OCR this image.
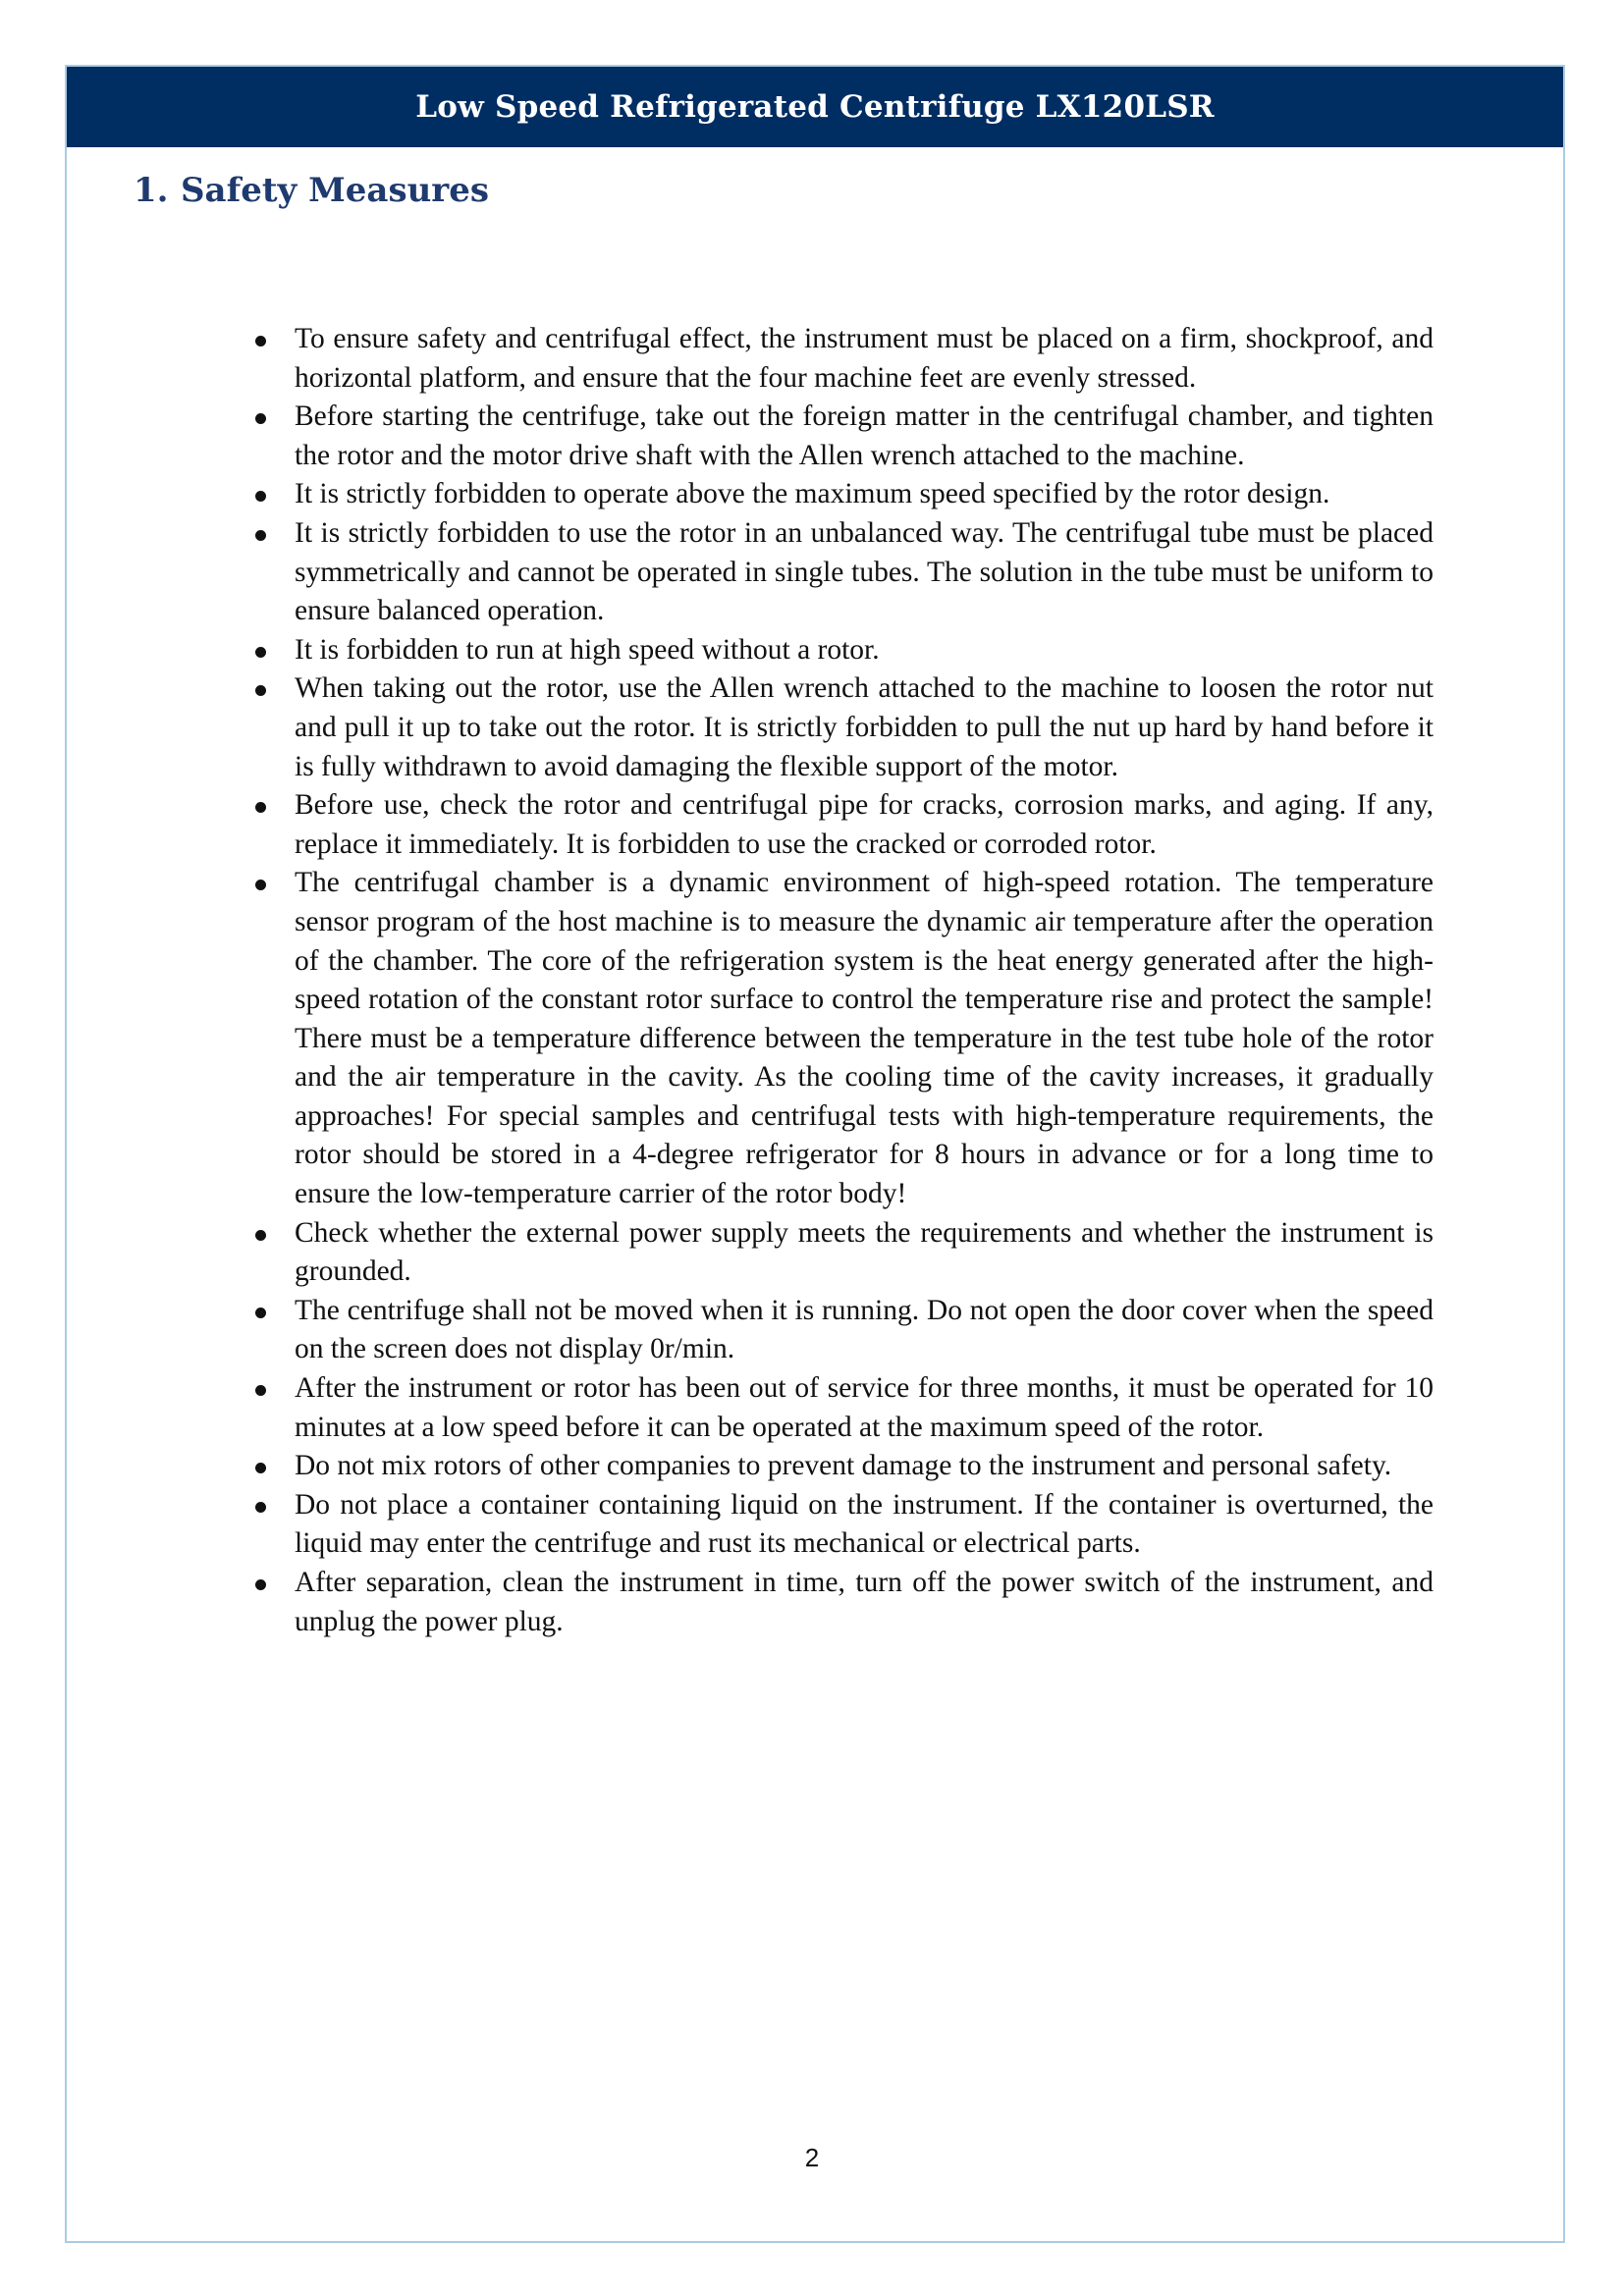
Low Speed Refrigerated Centrifuge LX120LSR
1. Safety Measures
To ensure safety and centrifugal effect, the instrument must be placed on a firm, shockproof, and horizontal platform, and ensure that the four machine feet are evenly stressed.
Before starting the centrifuge, take out the foreign matter in the centrifugal chamber, and tighten the rotor and the motor drive shaft with the Allen wrench attached to the machine.
It is strictly forbidden to operate above the maximum speed specified by the rotor design.
It is strictly forbidden to use the rotor in an unbalanced way. The centrifugal tube must be placed symmetrically and cannot be operated in single tubes. The solution in the tube must be uniform to ensure balanced operation.
It is forbidden to run at high speed without a rotor.
When taking out the rotor, use the Allen wrench attached to the machine to loosen the rotor nut and pull it up to take out the rotor. It is strictly forbidden to pull the nut up hard by hand before it is fully withdrawn to avoid damaging the flexible support of the motor.
Before use, check the rotor and centrifugal pipe for cracks, corrosion marks, and aging. If any, replace it immediately. It is forbidden to use the cracked or corroded rotor.
The centrifugal chamber is a dynamic environment of high-speed rotation. The temperature sensor program of the host machine is to measure the dynamic air temperature after the operation of the chamber. The core of the refrigeration system is the heat energy generated after the high-speed rotation of the constant rotor surface to control the temperature rise and protect the sample! There must be a temperature difference between the temperature in the test tube hole of the rotor and the air temperature in the cavity. As the cooling time of the cavity increases, it gradually approaches! For special samples and centrifugal tests with high-temperature requirements, the rotor should be stored in a 4-degree refrigerator for 8 hours in advance or for a long time to ensure the low-temperature carrier of the rotor body!
Check whether the external power supply meets the requirements and whether the instrument is grounded.
The centrifuge shall not be moved when it is running. Do not open the door cover when the speed on the screen does not display 0r/min.
After the instrument or rotor has been out of service for three months, it must be operated for 10 minutes at a low speed before it can be operated at the maximum speed of the rotor.
Do not mix rotors of other companies to prevent damage to the instrument and personal safety.
Do not place a container containing liquid on the instrument. If the container is overturned, the liquid may enter the centrifuge and rust its mechanical or electrical parts.
After separation, clean the instrument in time, turn off the power switch of the instrument, and unplug the power plug.
2
